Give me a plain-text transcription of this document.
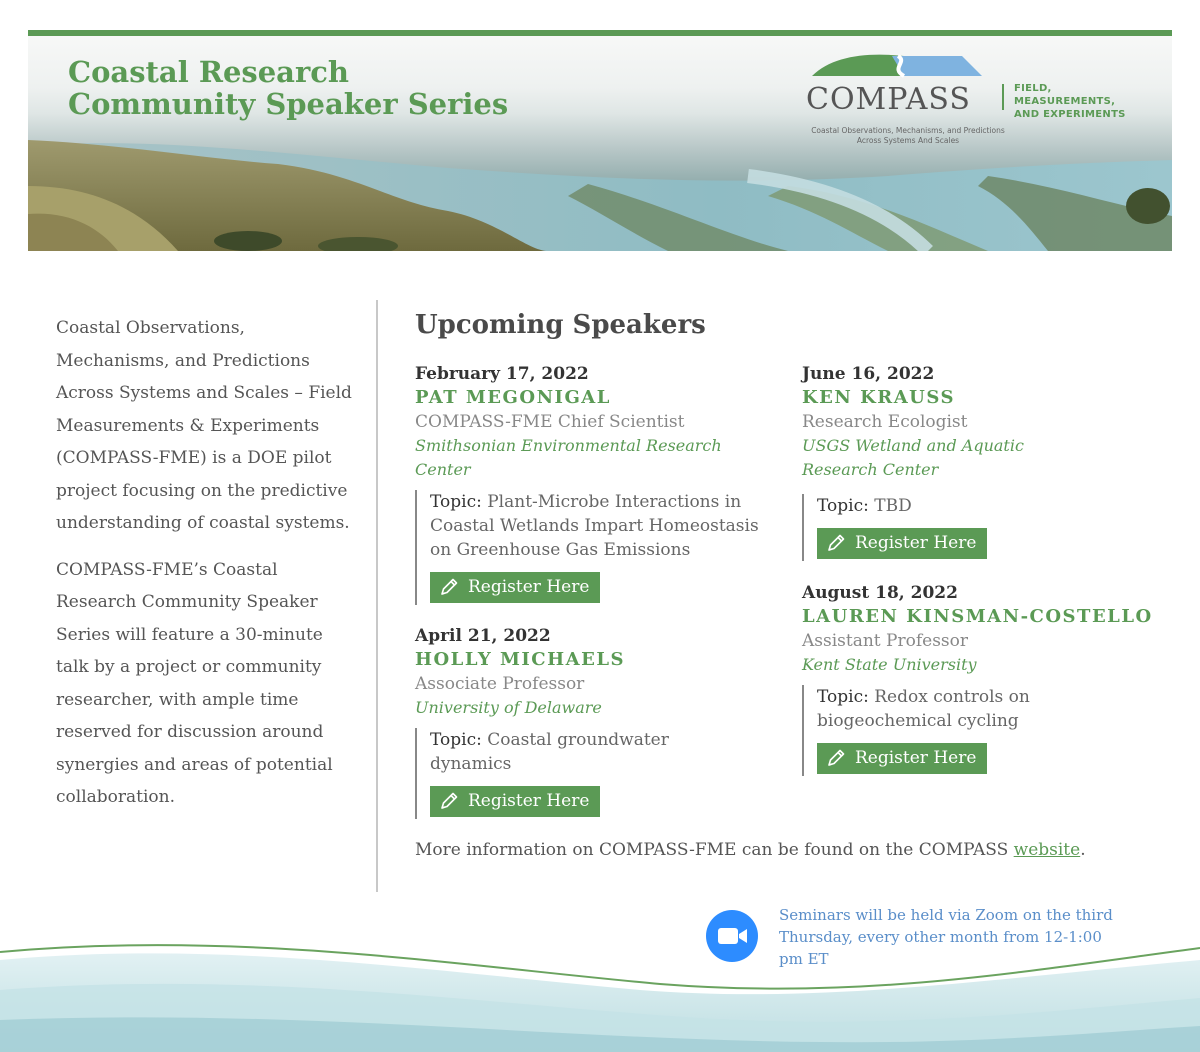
Coastal Research
Community Speaker Series	COMPASS
Coastal Observations, Mechanisms, and Predictions
Across Systems And Scales
FIELD, MEASUREMENTS,
AND EXPERIMENTS

Coastal Observations, Mechanisms, and Predictions Across Systems and Scales – Field Measurements & Experiments (COMPASS-FME) is a DOE pilot project focusing on the predictive understanding of coastal systems.

COMPASS-FME’s Coastal Research Community Speaker Series will feature a 30-minute talk by a project or community researcher, with ample time reserved for discussion around synergies and areas of potential collaboration.

Upcoming Speakers
February 17, 2022
PAT MEGONIGAL
COMPASS-FME Chief Scientist
Smithsonian Environmental Research Center
Topic: Plant-Microbe Interactions in Coastal Wetlands Impart Homeostasis on Greenhouse Gas Emissions
Register Here
April 21, 2022
HOLLY MICHAELS
Associate Professor
University of Delaware
Topic: Coastal groundwater dynamics
Register Here
June 16, 2022
KEN KRAUSS
Research Ecologist
USGS Wetland and Aquatic Research Center
Topic: TBD
Register Here
August 18, 2022
LAUREN KINSMAN-COSTELLO
Assistant Professor
Kent State University
Topic: Redox controls on biogeochemical cycling
Register Here

More information on COMPASS-FME can be found on the COMPASS website.

Seminars will be held via Zoom on the third Thursday, every other month from 12-1:00 pm ET
